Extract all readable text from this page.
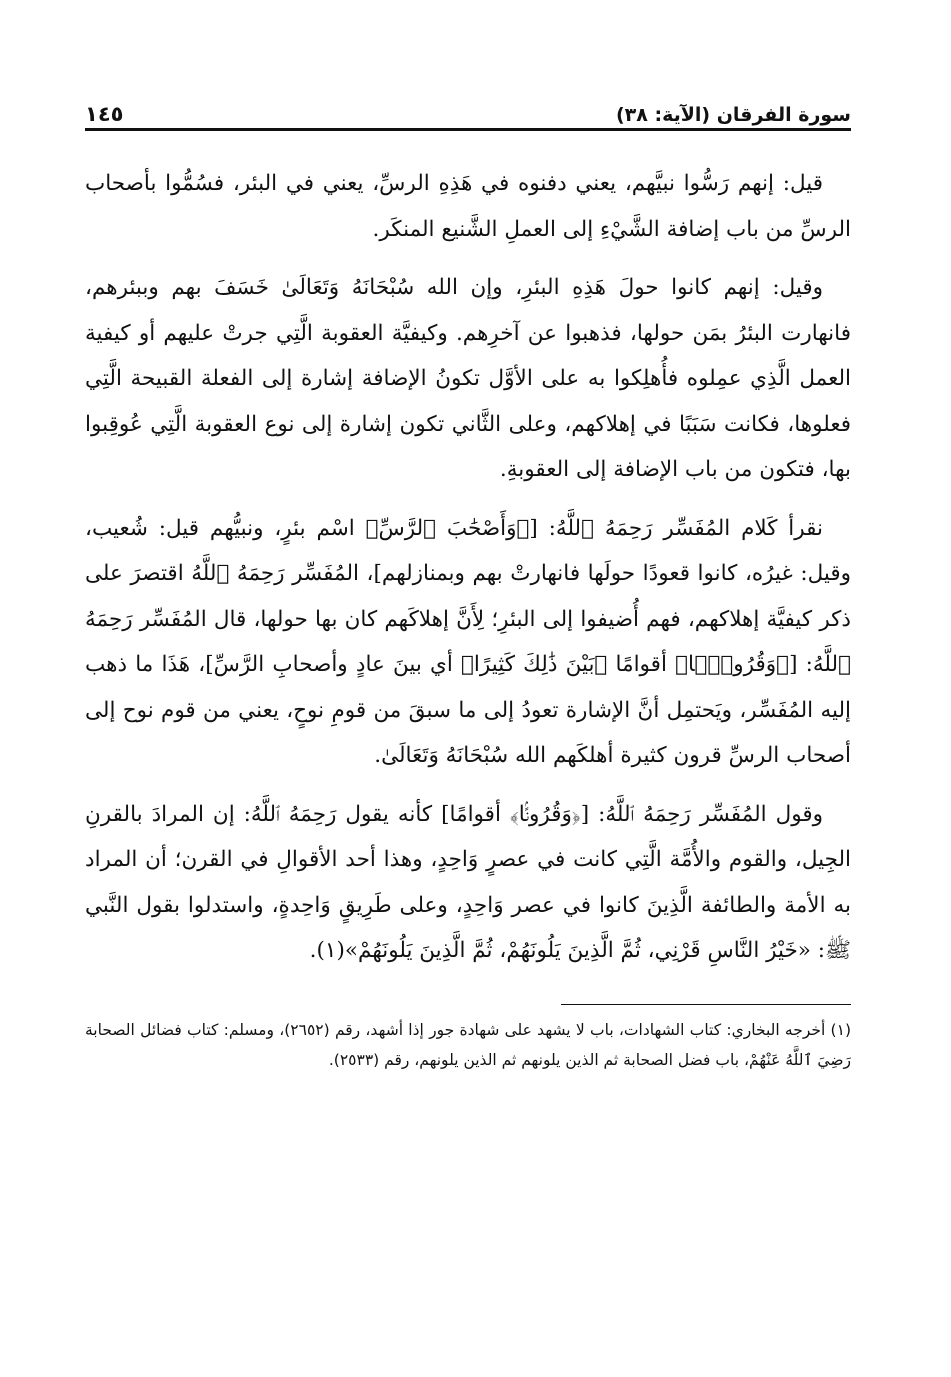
سورة الفرقان (الآية: ٣٨)
١٤٥

قيل: إنهم رَسُّوا نبيَّهم، يعني دفنوه في هَذِهِ الرسِّ، يعني في البئر، فسُمُّوا بأصحاب الرسِّ من باب إضافة الشَّيْءِ إلى العملِ الشَّنيع المنكَر.

وقيل: إنهم كانوا حولَ هَذِهِ البئرِ، وإن الله سُبْحَانَهُ وَتَعَالَىٰ خَسَفَ بهم وببئرهم، فانهارت البئرُ بمَن حولها، فذهبوا عن آخرِهم. وكيفيَّة العقوبة الَّتِي جرتْ عليهم أو كيفية العمل الَّذِي عمِلوه فأُهلِكوا به على الأوَّل تكونُ الإضافة إشارة إلى الفعلة القبيحة الَّتِي فعلوها، فكانت سَبَبًا في إهلاكهم، وعلى الثَّاني تكون إشارة إلى نوع العقوبة الَّتِي عُوقِبوا بها، فتكون من باب الإضافة إلى العقوبةِ.

نقرأ كَلام المُفَسِّر رَحِمَهُ ٱللَّهُ: [﴿وَأَصْحَٰبَ ٱلرَّسِّ﴾ اسْم بئرٍ، ونبيُّهم قيل: شُعيب، وقيل: غيرُه، كانوا قعودًا حولَها فانهارتْ بهم وبمنازلهم]، المُفَسِّر رَحِمَهُ ٱللَّهُ اقتصرَ على ذكر كيفيَّة إهلاكهم، فهم أُضيفوا إلى البئرِ؛ لِأَنَّ إهلاكَهم كان بها حولها، قال المُفَسِّر رَحِمَهُ ٱللَّهُ: [﴿وَقُرُونًۢا﴾ أقوامًا ﴿بَيْنَ ذَٰلِكَ كَثِيرًا﴾ أي بينَ عادٍ وأصحابِ الرَّسِّ]، هَذَا ما ذهب إليه المُفَسِّر، ويَحتمِل أنَّ الإشارة تعودُ إلى ما سبقَ من قومِ نوحٍ، يعني من قوم نوح إلى أصحاب الرسِّ قرون كثيرة أهلكَهم الله سُبْحَانَهُ وَتَعَالَىٰ.

وقول المُفَسِّر رَحِمَهُ ٱللَّهُ: [﴿وَقُرُونًۢا﴾ أقوامًا] كأنه يقول رَحِمَهُ ٱللَّهُ: إن المرادَ بالقرنِ الجِيل، والقوم والأُمَّة الَّتِي كانت في عصرٍ وَاحِدٍ، وهذا أحد الأقوالِ في القرن؛ أن المراد به الأمة والطائفة الَّذِينَ كانوا في عصر وَاحِدٍ، وعلى طَرِيقٍ وَاحِدةٍ، واستدلوا بقول النَّبي ﷺ: «خَيْرُ النَّاسِ قَرْنِي، ثُمَّ الَّذِينَ يَلُونَهُمْ، ثُمَّ الَّذِينَ يَلُونَهُمْ»(١).

(١) أخرجه البخاري: كتاب الشهادات، باب لا يشهد على شهادة جور إذا أشهد، رقم (٢٦٥٢)، ومسلم: كتاب فضائل الصحابة رَضِيَ ٱللَّهُ عَنْهُمْ، باب فضل الصحابة ثم الذين يلونهم ثم الذين يلونهم، رقم (٢٥٣٣).
